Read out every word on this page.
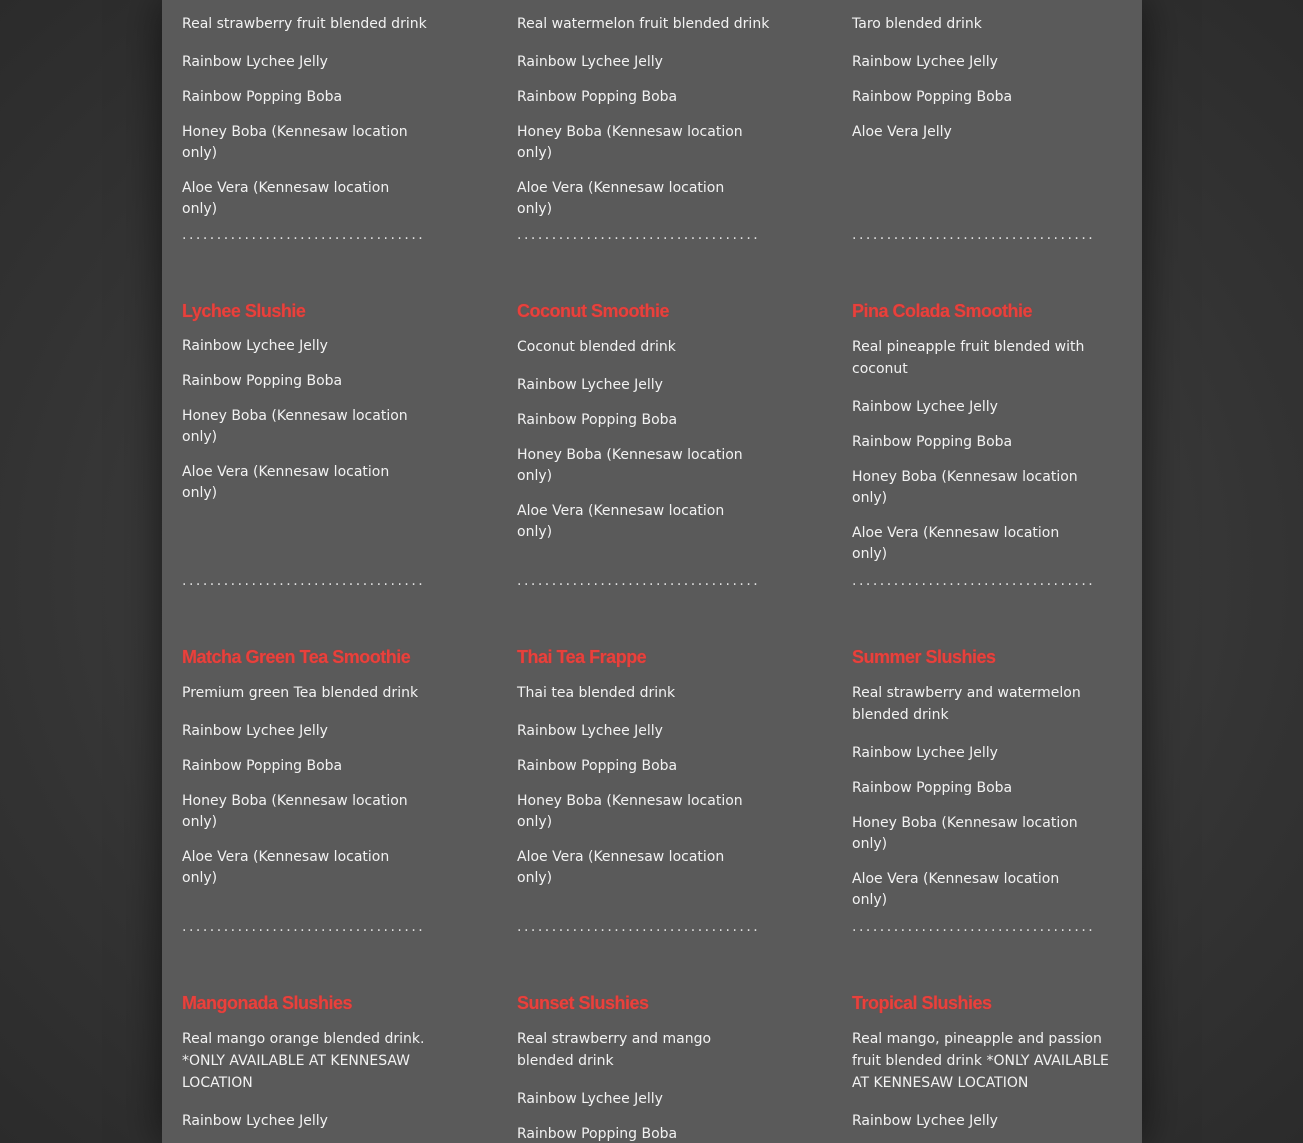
Real strawberry fruit blended drink
Rainbow Lychee Jelly
Rainbow Popping Boba
Honey Boba (Kennesaw location only)
Aloe Vera (Kennesaw location only)
Real watermelon fruit blended drink
Rainbow Lychee Jelly
Rainbow Popping Boba
Honey Boba (Kennesaw location only)
Aloe Vera (Kennesaw location only)
Taro blended drink
Rainbow Lychee Jelly
Rainbow Popping Boba
Aloe Vera Jelly
...................................	...................................	...................................
Lychee Slushie
Rainbow Lychee Jelly
Rainbow Popping Boba
Honey Boba (Kennesaw location only)
Aloe Vera (Kennesaw location only)
Coconut Smoothie
Coconut blended drink
Rainbow Lychee Jelly
Rainbow Popping Boba
Honey Boba (Kennesaw location only)
Aloe Vera (Kennesaw location only)
Pina Colada Smoothie
Real pineapple fruit blended with coconut
Rainbow Lychee Jelly
Rainbow Popping Boba
Honey Boba (Kennesaw location only)
Aloe Vera (Kennesaw location only)
...................................	...................................	...................................
Matcha Green Tea Smoothie
Premium green Tea blended drink
Rainbow Lychee Jelly
Rainbow Popping Boba
Honey Boba (Kennesaw location only)
Aloe Vera (Kennesaw location only)
Thai Tea Frappe
Thai tea blended drink
Rainbow Lychee Jelly
Rainbow Popping Boba
Honey Boba (Kennesaw location only)
Aloe Vera (Kennesaw location only)
Summer Slushies
Real strawberry and watermelon blended drink
Rainbow Lychee Jelly
Rainbow Popping Boba
Honey Boba (Kennesaw location only)
Aloe Vera (Kennesaw location only)
...................................	...................................	...................................
Mangonada Slushies
Real mango orange blended drink. *ONLY AVAILABLE AT KENNESAW LOCATION
Rainbow Lychee Jelly
Sunset Slushies
Real strawberry and mango blended drink
Rainbow Lychee Jelly
Rainbow Popping Boba
Tropical Slushies
Real mango, pineapple and passion fruit blended drink *ONLY AVAILABLE AT KENNESAW LOCATION
Rainbow Lychee Jelly
